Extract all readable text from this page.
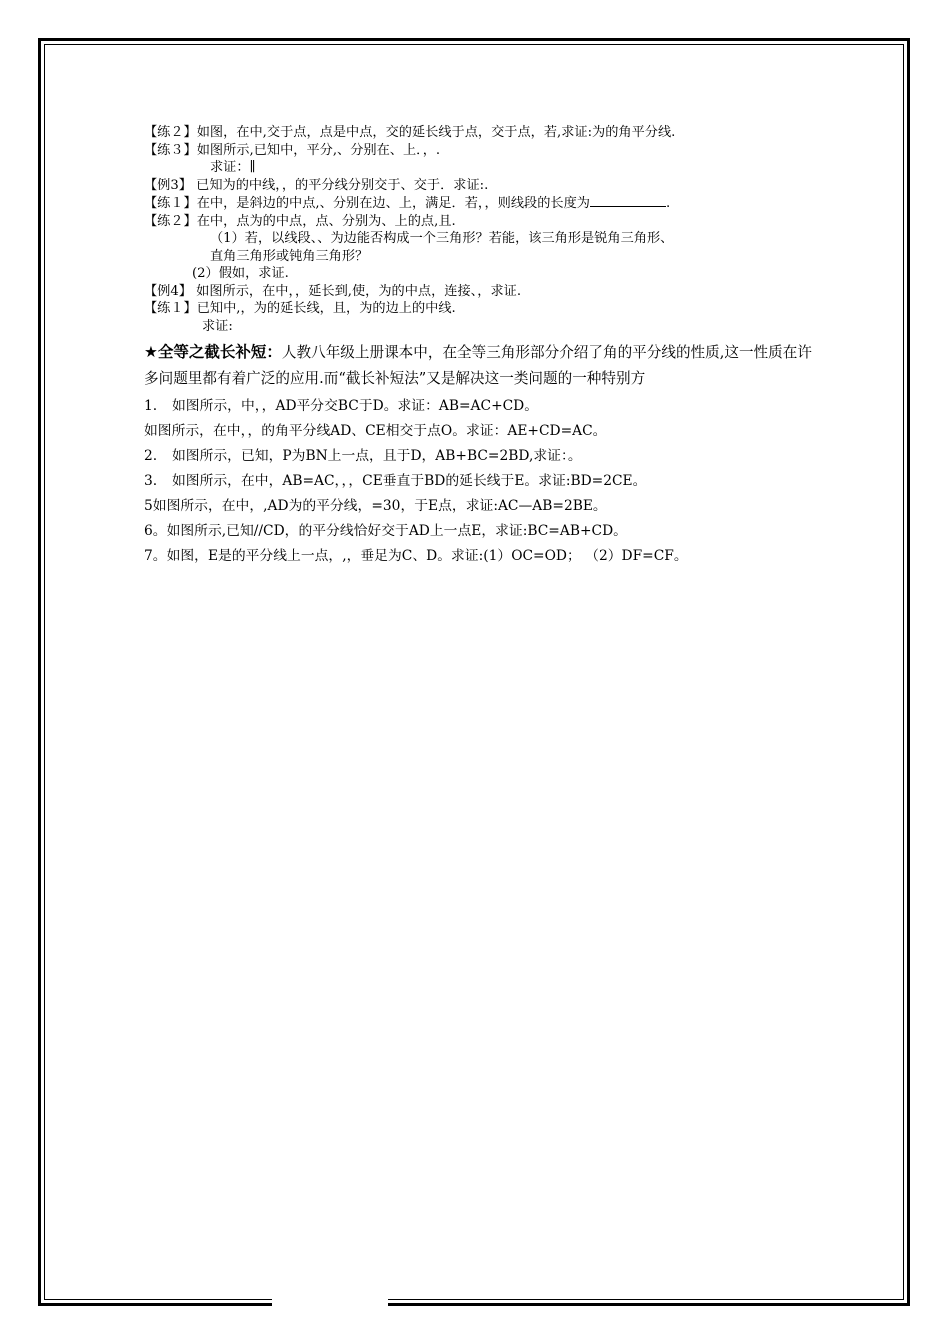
【练２】如图，在中,交于点，点是中点，交的延长线于点，交于点，若,求证:为的角平分线.
【练３】如图所示,已知中，平分,、分别在、上．，.
求证：∥
【例3】 已知为的中线，，的平分线分别交于、交于．求证:.
【练１】在中，是斜边的中点,、分别在边、上，满足．若，，则线段的长度为	.
【练２】在中，点为的中点，点、分别为、上的点,且.
（1）若，以线段、、为边能否构成一个三角形？若能，该三角形是锐角三角形、
直角三角形或钝角三角形？
(2）假如，求证.
【例4】 如图所示，在中，，延长到,使，为的中点，连接、，求证.
【练１】已知中,，为的延长线，且，为的边上的中线.
求证:
★全等之截长补短：人教八年级上册课本中，在全等三角形部分介绍了角的平分线的性质,这一性质在许多问题里都有着广泛的应用.而“截长补短法”又是解决这一类问题的一种特别方
1. 如图所示，中，，AD平分交BC于D。求证：AB=AC+CD。
如图所示，在中，，的角平分线AD、CE相交于点O。求证：AE+CD=AC。
2. 如图所示，已知，P为BN上一点，且于D，AB+BC=2BD,求证：。
3. 如图所示，在中，AB=AC，，，CE垂直于BD的延长线于E。求证:BD=2CE。
5如图所示，在中，,AD为的平分线，=30，于E点，求证:AC—AB=2BE。
6。如图所示,已知//CD，的平分线恰好交于AD上一点E，求证:BC=AB+CD。
7。如图，E是的平分线上一点，,，垂足为C、D。求证:(1）OC=OD； （2）DF=CF。
